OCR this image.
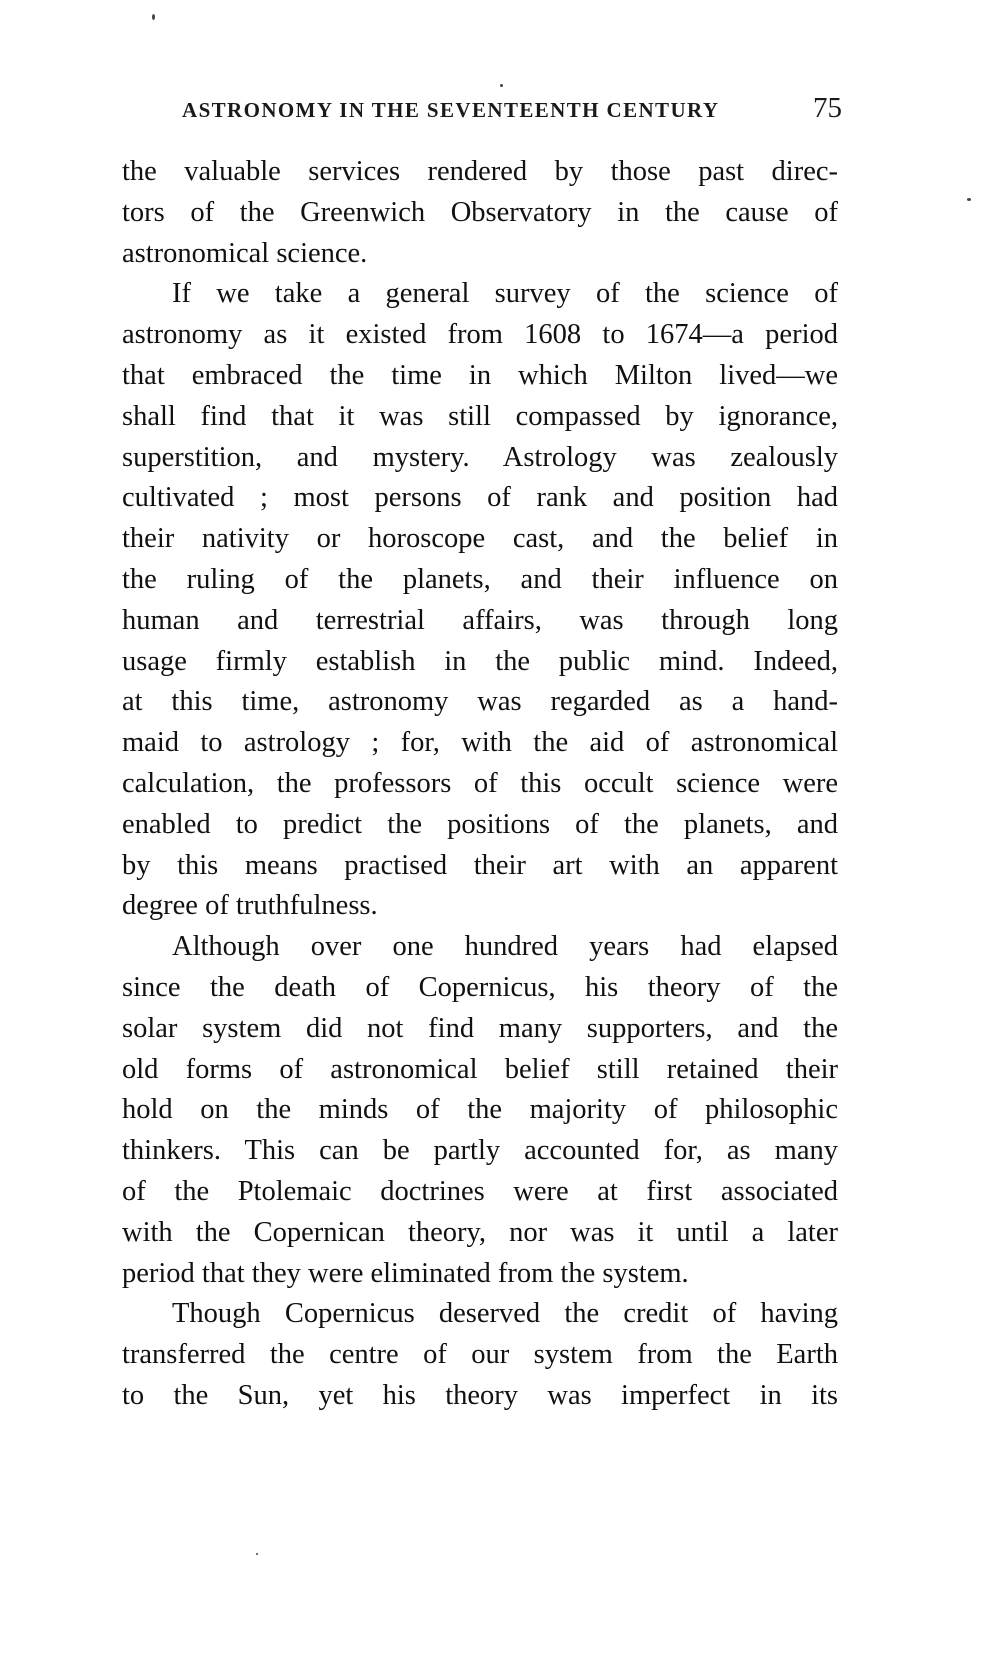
ASTRONOMY IN THE SEVENTEENTH CENTURY	75
the valuable services rendered by those past direc-
tors of the Greenwich Observatory in the cause of
astronomical science.
If we take a general survey of the science of
astronomy as it existed from 1608 to 1674—a period
that embraced the time in which Milton lived—we
shall find that it was still compassed by ignorance,
superstition, and mystery. Astrology was zealously
cultivated ; most persons of rank and position had
their nativity or horoscope cast, and the belief in
the ruling of the planets, and their influence on
human and terrestrial affairs, was through long
usage firmly establish in the public mind. Indeed,
at this time, astronomy was regarded as a hand-
maid to astrology ; for, with the aid of astronomical
calculation, the professors of this occult science were
enabled to predict the positions of the planets, and
by this means practised their art with an apparent
degree of truthfulness.
Although over one hundred years had elapsed
since the death of Copernicus, his theory of the
solar system did not find many supporters, and the
old forms of astronomical belief still retained their
hold on the minds of the majority of philosophic
thinkers. This can be partly accounted for, as many
of the Ptolemaic doctrines were at first associated
with the Copernican theory, nor was it until a later
period that they were eliminated from the system.
Though Copernicus deserved the credit of having
transferred the centre of our system from the Earth
to the Sun, yet his theory was imperfect in its
